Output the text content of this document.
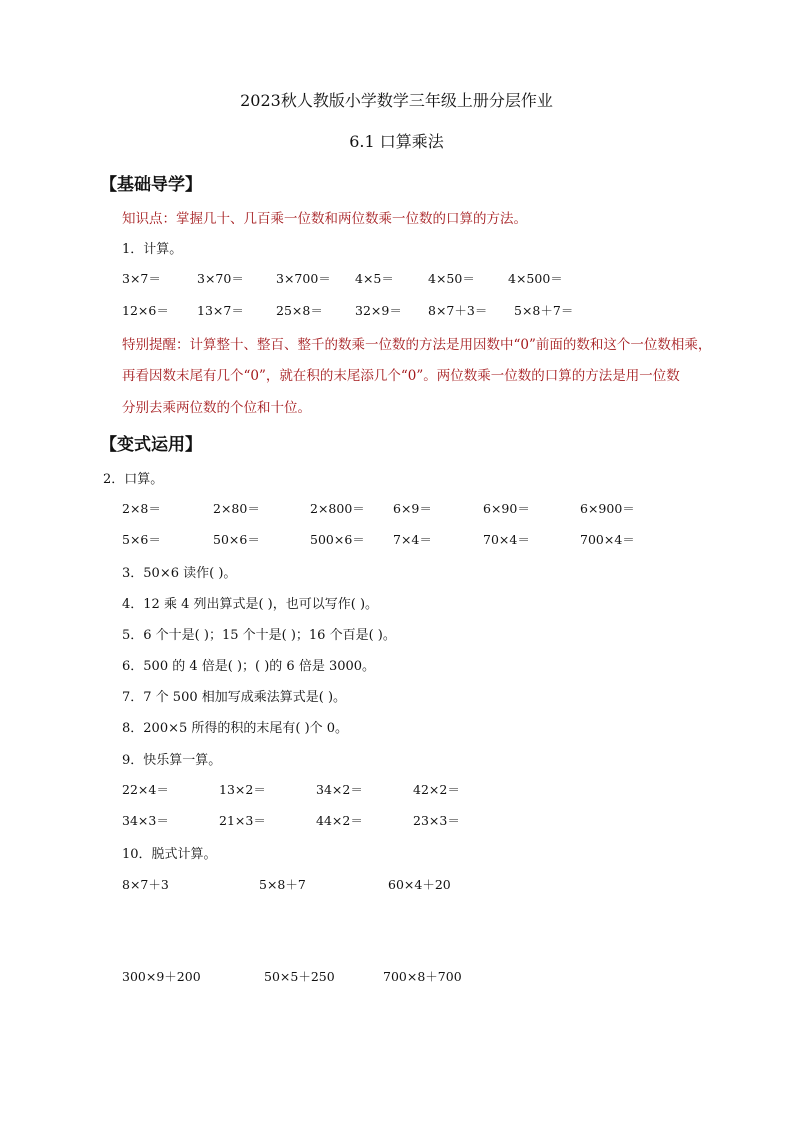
2023秋人教版小学数学三年级上册分层作业
6.1 口算乘法
【基础导学】
知识点：掌握几十、几百乘一位数和两位数乘一位数的口算的方法。
1．计算。
3×7＝	3×70＝	3×700＝ 4×5＝	4×50＝	4×500＝
12×6＝ 13×7＝	25×8＝	32×9＝ 8×7＋3＝ 5×8＋7＝
特别提醒：计算整十、整百、整千的数乘一位数的方法是用因数中“0”前面的数和这个一位数相乘，
再看因数末尾有几个“0”，就在积的末尾添几个“0”。两位数乘一位数的口算的方法是用一位数
分别去乘两位数的个位和十位。
【变式运用】
2．口算。
2×8＝	2×80＝	2×800＝ 6×9＝	6×90＝	6×900＝
5×6＝	50×6＝	500×6＝ 7×4＝	70×4＝	700×4＝
3．50×6 读作( )。
4．12 乘 4 列出算式是( )，也可以写作( )。
5．6 个十是( )；15 个十是( )；16 个百是( )。
6．500 的 4 倍是( )；( )的 6 倍是 3000。
7．7 个 500 相加写成乘法算式是( )。
8．200×5 所得的积的末尾有( )个 0。
9．快乐算一算。
22×4＝	13×2＝	34×2＝	42×2＝
34×3＝	21×3＝	44×2＝	23×3＝
10．脱式计算。
8×7＋3	5×8＋7	60×4＋20
300×9＋200	50×5＋250	700×8＋700
